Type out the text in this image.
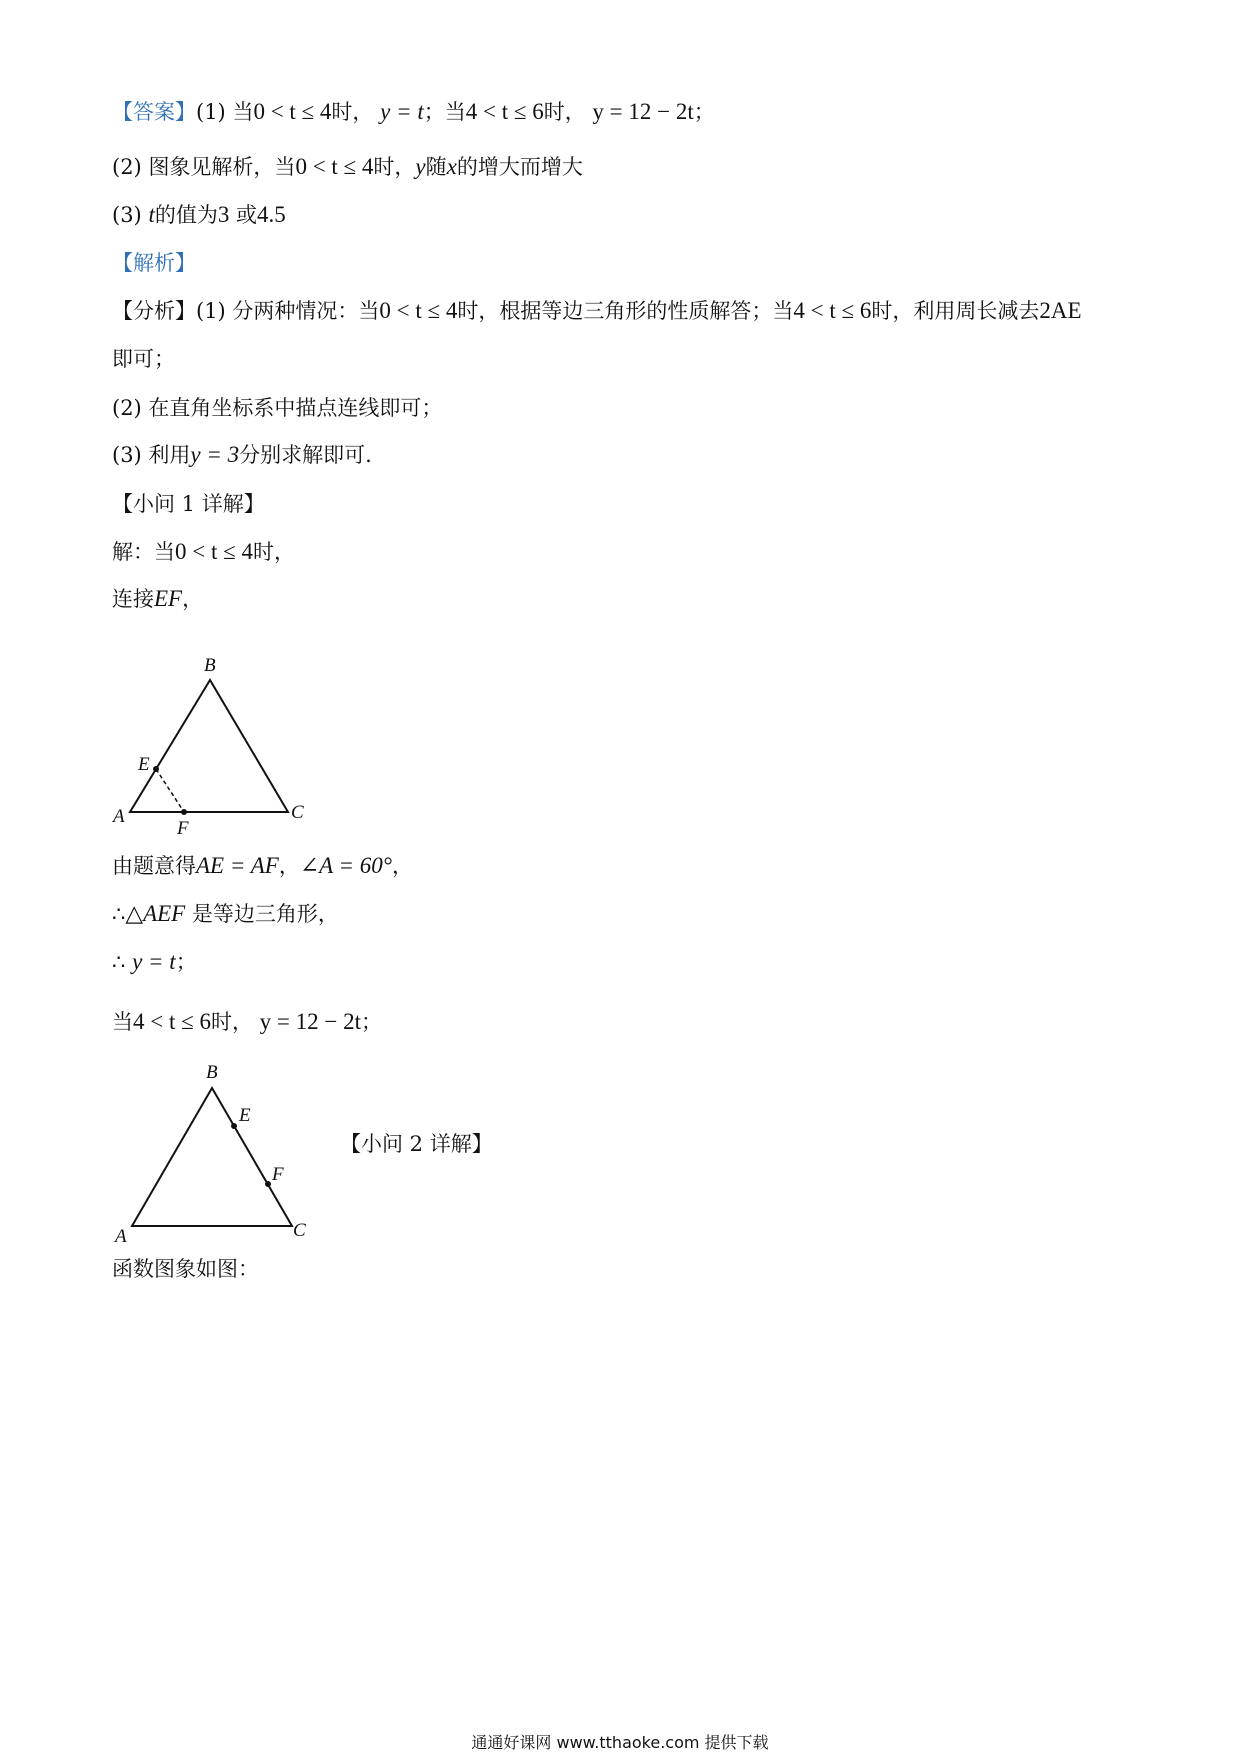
【答案】(1) 当0 < t ≤ 4时， y = t；当4 < t ≤ 6时， y = 12 − 2t；
(2) 图象见解析，当0 < t ≤ 4时，y随x的增大而增大
(3) t的值为3 或4.5
【解析】
【分析】(1) 分两种情况：当0 < t ≤ 4时，根据等边三角形的性质解答；当4 < t ≤ 6时，利用周长减去2AE
即可；
(2) 在直角坐标系中描点连线即可；
(3) 利用y = 3分别求解即可.
【小问 1 详解】
解：当0 < t ≤ 4时，
连接EF，
B
E
A
F
C
由题意得AE = AF，∠A = 60°，
∴△AEF 是等边三角形，
∴ y = t；
当4 < t ≤ 6时， y = 12 − 2t；
B
E
F
A	C
【小问 2 详解】
函数图象如图：
通通好课网 www.tthaoke.com 提供下载
